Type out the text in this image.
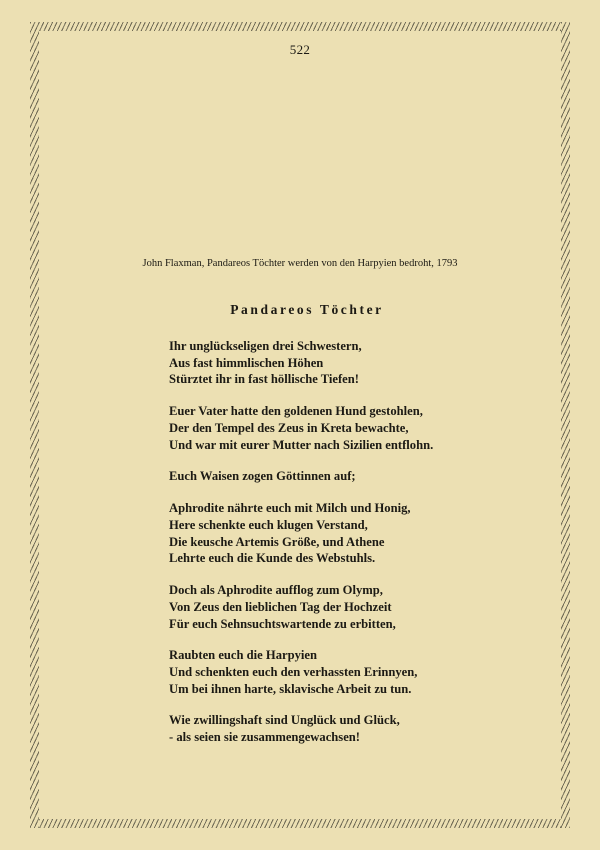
522
John Flaxman, Pandareos Töchter werden von den Harpyien bedroht, 1793
Pandareos Töchter
Ihr unglückseligen drei Schwestern,
Aus fast himmlischen Höhen
Stürztet ihr in fast höllische Tiefen!
Euer Vater hatte den goldenen Hund gestohlen,
Der den Tempel des Zeus in Kreta bewachte,
Und war mit eurer Mutter nach Sizilien entflohn.
Euch Waisen zogen Göttinnen auf;
Aphrodite nährte euch mit Milch und Honig,
Here schenkte euch klugen Verstand,
Die keusche Artemis Größe, und Athene
Lehrte euch die Kunde des Webstuhls.
Doch als Aphrodite aufflog zum Olymp,
Von Zeus den lieblichen Tag der Hochzeit
Für euch Sehnsuchtswartende zu erbitten,
Raubten euch die Harpyien
Und schenkten euch den verhassten Erinnyen,
Um bei ihnen harte, sklavische Arbeit zu tun.
Wie zwillingshaft sind Unglück und Glück,
- als seien sie zusammengewachsen!
